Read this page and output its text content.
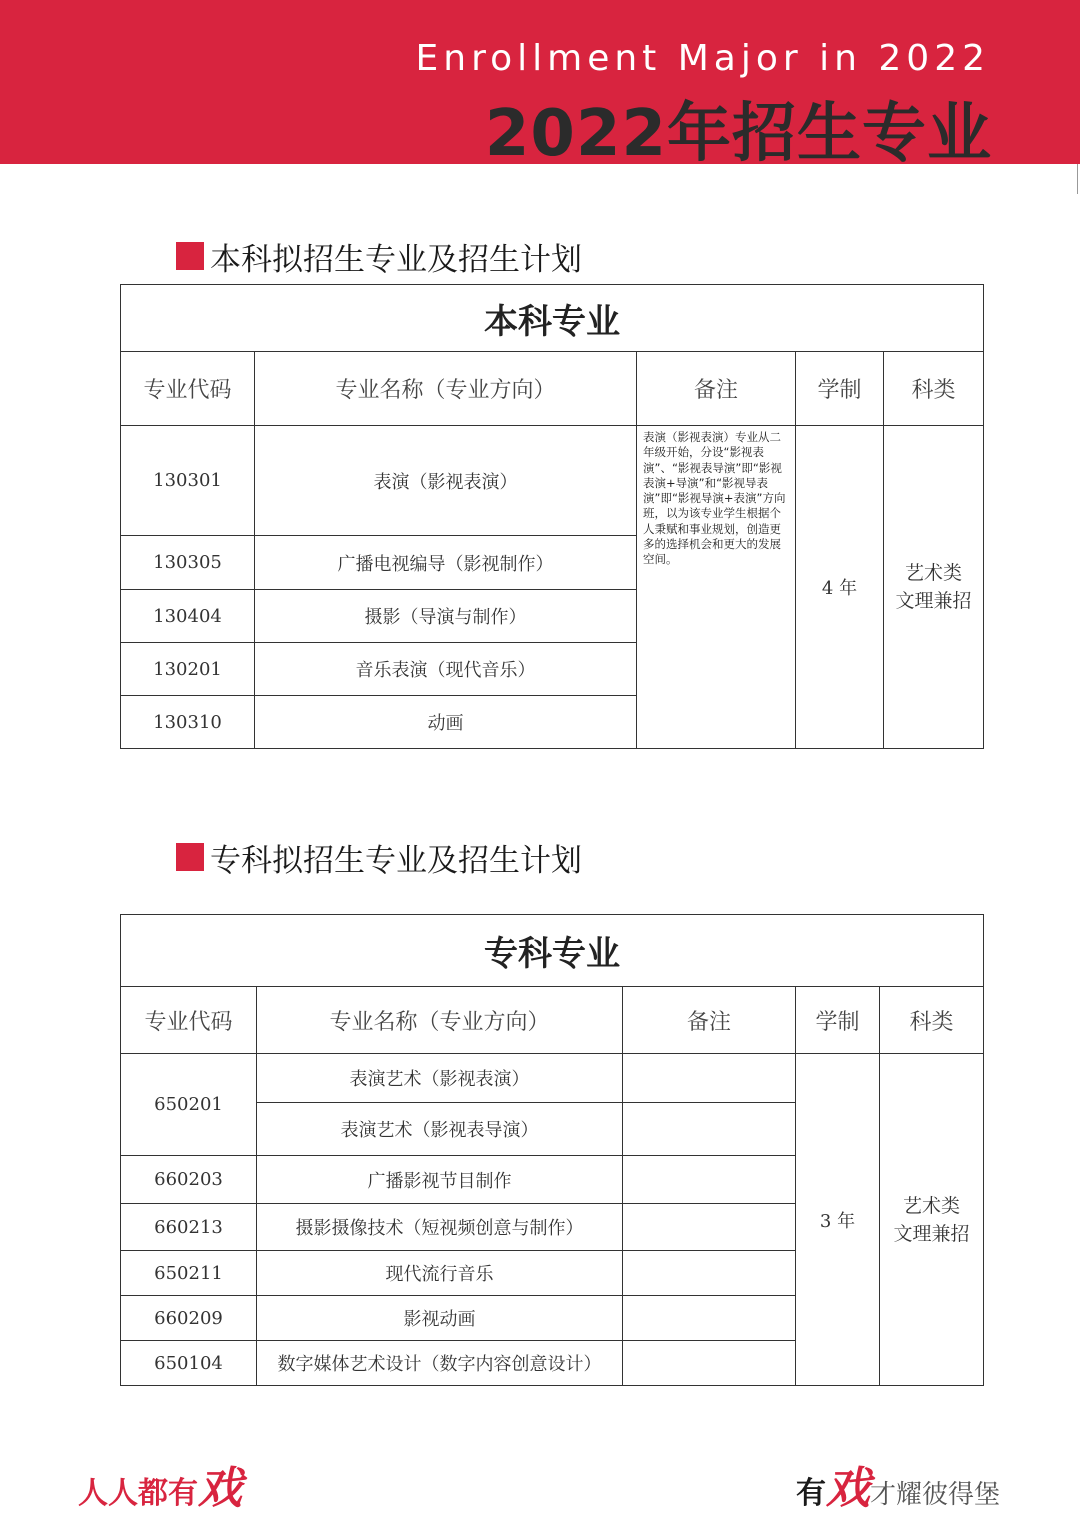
Enrollment Major in 2022
2022年招生专业
本科拟招生专业及招生计划
本科专业				
专业代码	专业名称（专业方向）	备注	学制	科类
130301	表演（影视表演）	表演（影视表演）专业从二年级开始，分设“影视表演”、“影视表导演”即“影视表演+导演”和“影视导表演”即“影视导演+表演”方向班，以为该专业学生根据个人秉赋和事业规划，创造更多的选择机会和更大的发展空间。	4 年	艺术类
文理兼招

130305	广播电视编导（影视制作）			
130404	摄影（导演与制作）			
130201	音乐表演（现代音乐）			
130310	动画			
专科拟招生专业及招生计划
专科专业				
专业代码	专业名称（专业方向）	备注	学制	科类
650201	表演艺术（影视表演）		3 年	艺术类
文理兼招

	表演艺术（影视表导演）			
660203	广播影视节目制作			
660213	摄影摄像技术（短视频创意与制作）			
650211	现代流行音乐			
660209	影视动画			
650104	数字媒体艺术设计（数字内容创意设计）			
人人都有戏	有戏才耀彼得堡
